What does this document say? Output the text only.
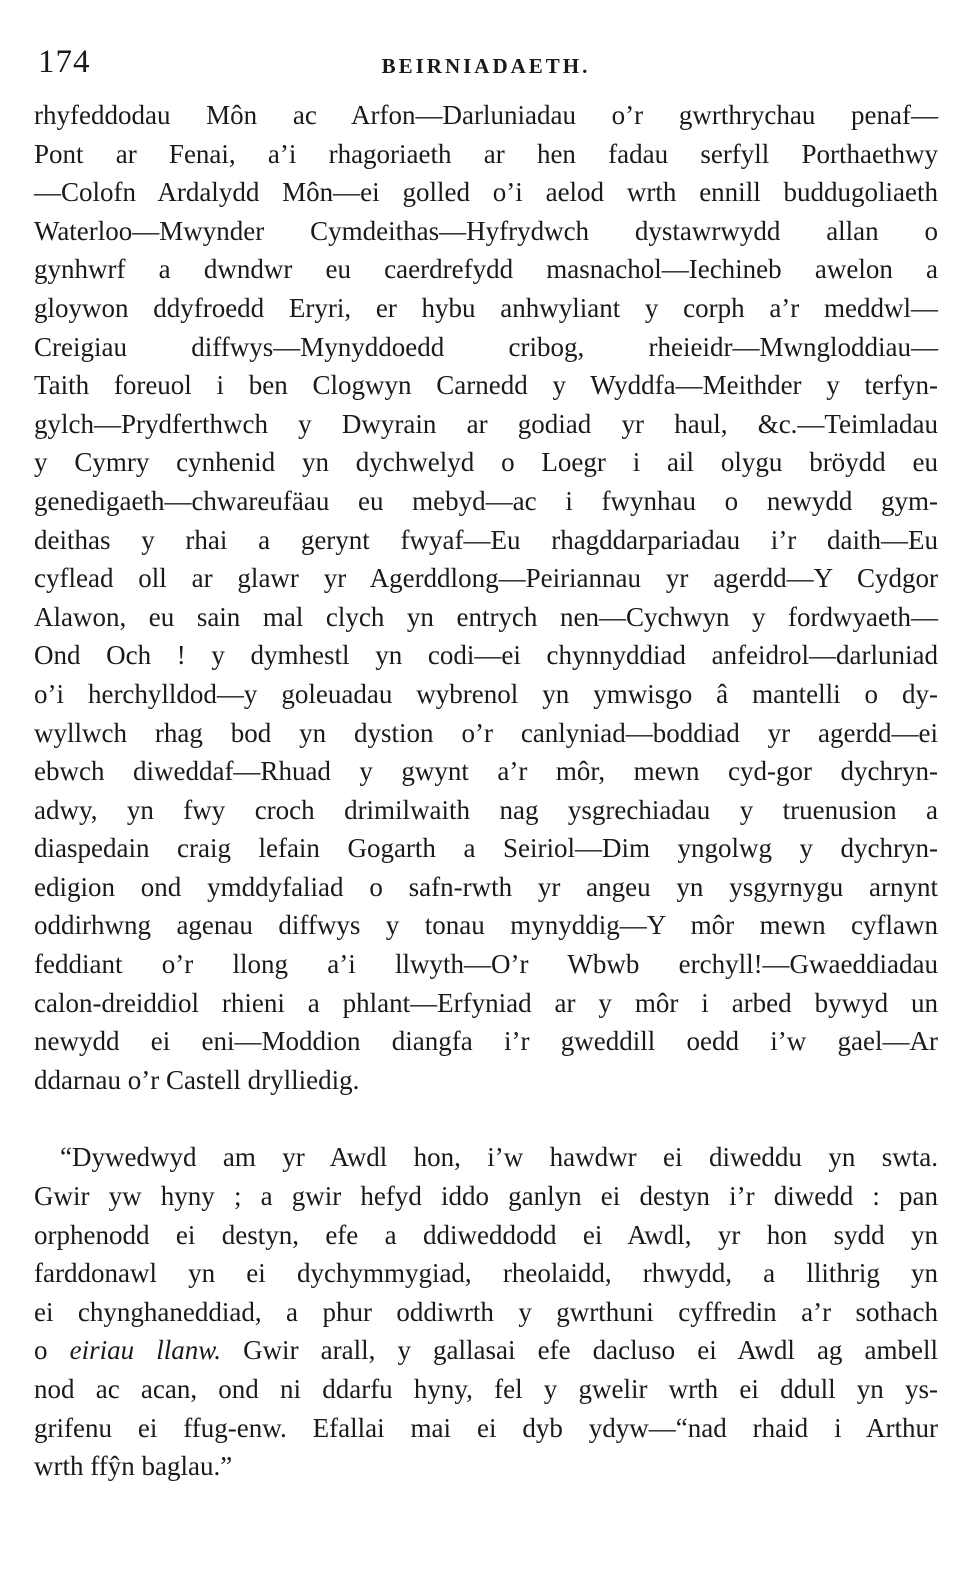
174	BEIRNIADAETH.
rhyfeddodau Môn ac Arfon—Darluniadau o’r gwrthrychau penaf—
Pont ar Fenai, a’i rhagoriaeth ar hen fadau serfyll Porthaethwy
—Colofn Ardalydd Môn—ei golled o’i aelod wrth ennill buddugoliaeth
Waterloo—Mwynder Cymdeithas—Hyfrydwch dystawrwydd allan o
gynhwrf a dwndwr eu caerdrefydd masnachol—Iechineb awelon a
gloywon ddyfroedd Eryri, er hybu anhwyliant y corph a’r meddwl—
Creigiau diffwys—Mynyddoedd cribog, rheieidr—Mwngloddiau—
Taith foreuol i ben Clogwyn Carnedd y Wyddfa—Meithder y terfyn-
gylch—Prydferthwch y Dwyrain ar godiad yr haul, &c.—Teimladau
y Cymry cynhenid yn dychwelyd o Loegr i ail olygu bröydd eu
genedigaeth—chwareufäau eu mebyd—ac i fwynhau o newydd gym-
deithas y rhai a gerynt fwyaf—Eu rhagddarpariadau i’r daith—Eu
cyflead oll ar glawr yr Agerddlong—Peiriannau yr agerdd—Y Cydgor
Alawon, eu sain mal clych yn entrych nen—Cychwyn y fordwyaeth—
Ond Och ! y dymhestl yn codi—ei chynnyddiad anfeidrol—darluniad
o’i herchylldod—y goleuadau wybrenol yn ymwisgo â mantelli o dy-
wyllwch rhag bod yn dystion o’r canlyniad—boddiad yr agerdd—ei
ebwch diweddaf—Rhuad y gwynt a’r môr, mewn cyd-gor dychryn-
adwy, yn fwy croch drimilwaith nag ysgrechiadau y truenusion a
diaspedain craig lefain Gogarth a Seiriol—Dim yngolwg y dychryn-
edigion ond ymddyfaliad o safn-rwth yr angeu yn ysgyrnygu arnynt
oddirhwng agenau diffwys y tonau mynyddig—Y môr mewn cyflawn
feddiant o’r llong a’i llwyth—O’r Wbwb erchyll!—Gwaeddiadau
calon-dreiddiol rhieni a phlant—Erfyniad ar y môr i arbed bywyd un
newydd ei eni—Moddion diangfa i’r gweddill oedd i’w gael—Ar
ddarnau o’r Castell drylliedig.
“Dywedwyd am yr Awdl hon, i’w hawdwr ei diweddu yn swta.
Gwir yw hyny ; a gwir hefyd iddo ganlyn ei destyn i’r diwedd : pan
orphenodd ei destyn, efe a ddiweddodd ei Awdl, yr hon sydd yn
farddonawl yn ei dychymmygiad, rheolaidd, rhwydd, a llithrig yn
ei chynghaneddiad, a phur oddiwrth y gwrthuni cyffredin a’r sothach
o eiriau llanw. Gwir arall, y gallasai efe dacluso ei Awdl ag ambell
nod ac acan, ond ni ddarfu hyny, fel y gwelir wrth ei ddull yn ys-
grifenu ei ffug-enw. Efallai mai ei dyb ydyw—“nad rhaid i Arthur
wrth ffŷn baglau.”
